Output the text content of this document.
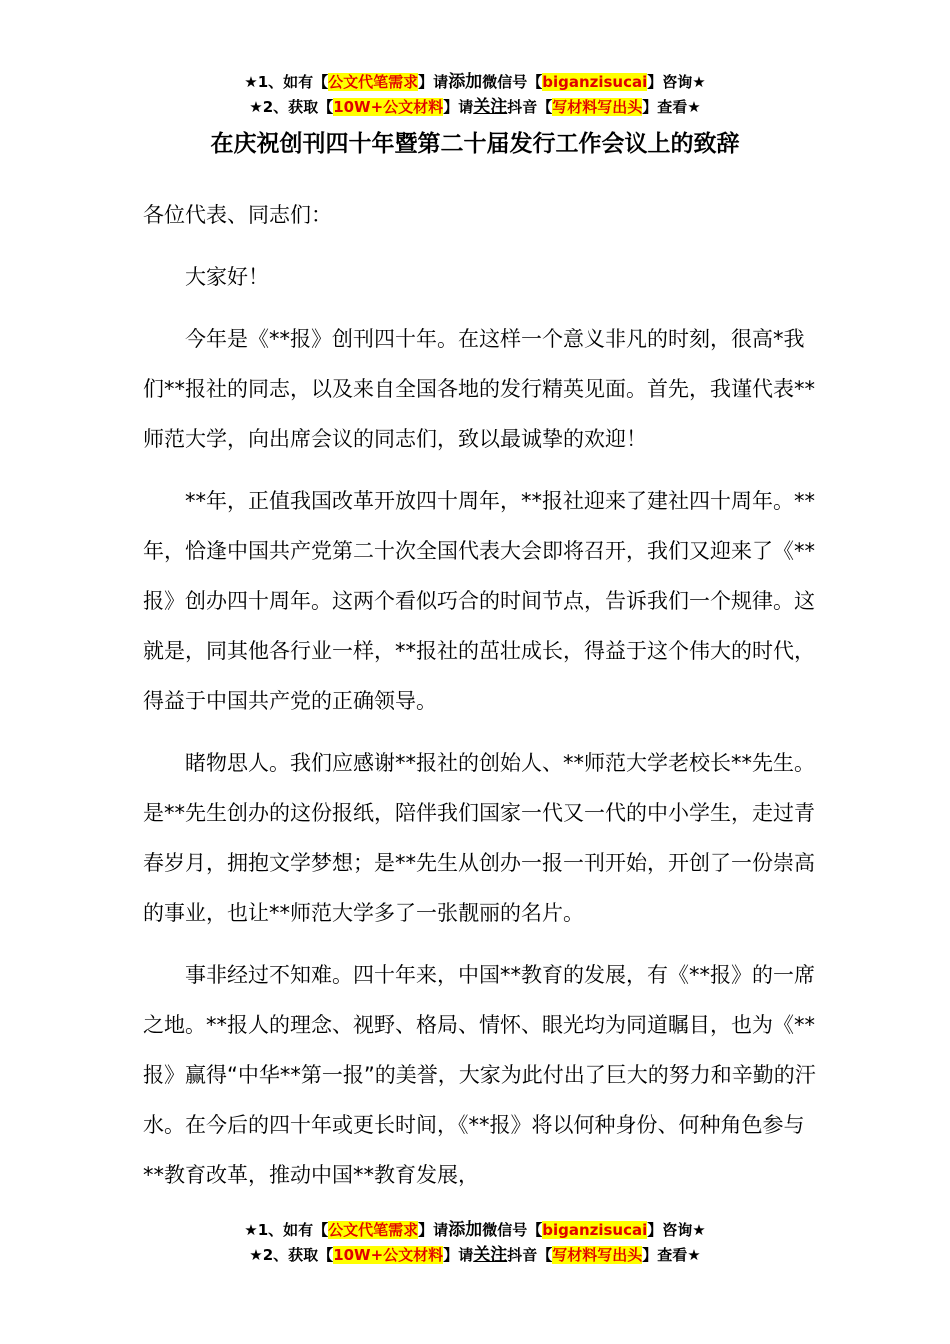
★1、如有【公文代笔需求】请添加微信号【biganzisucai】咨询★
★2、获取【10W+公文材料】请关注抖音【写材料写出头】查看★
在庆祝创刊四十年暨第二十届发行工作会议上的致辞

各位代表、同志们：

大家好！

今年是《**报》创刊四十年。在这样一个意义非凡的时刻，很高*我们**报社的同志，以及来自全国各地的发行精英见面。首先，我谨代表**师范大学，向出席会议的同志们，致以最诚挚的欢迎！

**年，正值我国改革开放四十周年，**报社迎来了建社四十周年。**年，恰逢中国共产党第二十次全国代表大会即将召开，我们又迎来了《**报》创办四十周年。这两个看似巧合的时间节点，告诉我们一个规律。这就是，同其他各行业一样，**报社的茁壮成长，得益于这个伟大的时代，得益于中国共产党的正确领导。

睹物思人。我们应感谢**报社的创始人、**师范大学老校长**先生。是**先生创办的这份报纸，陪伴我们国家一代又一代的中小学生，走过青春岁月，拥抱文学梦想；是**先生从创办一报一刊开始，开创了一份崇高的事业，也让**师范大学多了一张靓丽的名片。

事非经过不知难。四十年来，中国**教育的发展，有《**报》的一席之地。**报人的理念、视野、格局、情怀、眼光均为同道瞩目，也为《**报》赢得“中华**第一报”的美誉，大家为此付出了巨大的努力和辛勤的汗水。在今后的四十年或更长时间，《**报》将以何种身份、何种角色参与**教育改革，推动中国**教育发展，

★1、如有【公文代笔需求】请添加微信号【biganzisucai】咨询★
★2、获取【10W+公文材料】请关注抖音【写材料写出头】查看★
